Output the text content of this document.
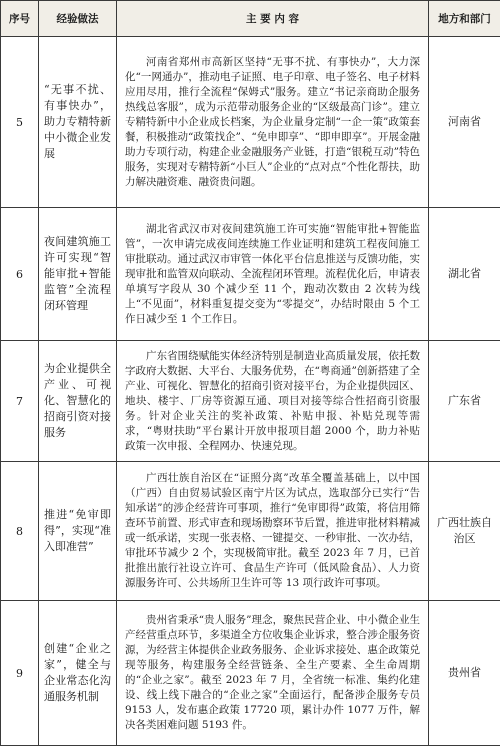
序号	经验做法	主 要 内 容	地方和部门
5	“无事不扰、有事快办”，助力专精特新中小微企业发展	河南省郑州市高新区坚持“无事不扰、有事快办”，大力深化“一网通办”，推动电子证照、电子印章、电子签名、电子材料应用尽用，推行全流程“保姆式”服务。建立“书记亲商助企服务热线总客服”，成为示范带动服务企业的“区级最高门诊”。建立专精特新中小企业成长档案，为企业量身定制“一企一策”政策套餐，积极推动“政策找企”、“免申即享”、“即申即享”。开展金融助力专项行动，构建企业金融服务产业链，打造“银税互动”特色服务，实现对专精特新“小巨人”企业的“点对点”个性化帮扶，助力解决融资难、融资贵问题。	河南省
6	夜间建筑施工许可实现“智能审批+智能监管”全流程闭环管理	湖北省武汉市对夜间建筑施工许可实施“智能审批+智能监管”，一次申请完成夜间连续施工作业证明和建筑工程夜间施工审批联动。通过武汉市审管一体化平台信息推送与反馈功能，实现审批和监管双向联动、全流程闭环管理。流程优化后，申请表单填写字段从 30 个减少至 11 个，跑动次数由 2 次转为线上“不见面”，材料重复提交变为“零提交”，办结时限由 5 个工作日减少至 1 个工作日。	湖北省
7	为企业提供全产业、可视化、智慧化的招商引资对接服务	广东省围绕赋能实体经济特别是制造业高质量发展，依托数字政府大数据、大平台、大服务优势，在“粤商通”创新搭建了全产业、可视化、智慧化的招商引资对接平台，为企业提供园区、地块、楼宇、厂房等资源互通、项目对接等综合性招商引资服务。针对企业关注的奖补政策、补贴申报、补贴兑现等需求，“粤财扶助”平台累计开放申报项目超 2000 个，助力补贴政策一次申报、全程网办、快速兑现。	广东省
8	推进“免审即得”，实现“准入即准营”	广西壮族自治区在“证照分离”改革全覆盖基础上，以中国（广西）自由贸易试验区南宁片区为试点，选取部分已实行“告知承诺”的涉企经营许可事项，推行“免审即得”政策，将信用筛查环节前置、形式审查和现场勘察环节后置，推进审批材料精减或一纸承诺，实现一张表格、一键提交、一秒审批、一次办结，审批环节减少 2 个，实现极简审批。截至 2023 年 7 月，已首批推出旅行社设立许可、食品生产许可（低风险食品）、人力资源服务许可、公共场所卫生许可等 13 项行政许可事项。	广西壮族自治区
9	创建“企业之家”，健全与企业常态化沟通服务机制	贵州省秉承“贵人服务”理念，聚焦民营企业、中小微企业生产经营重点环节，多渠道全方位收集企业诉求，整合涉企服务资源，为经营主体提供企业政务服务、企业诉求接处、惠企政策兑现等服务，构建服务全经营链条、全生产要素、全生命周期的“企业之家”。截至 2023 年 7 月，全省统一标准、集约化建设、线上线下融合的“企业之家”全面运行，配备涉企服务专员 9153 人，发布惠企政策 17720 项，累计办件 1077 万件，解决各类困难问题 5193 件。	贵州省
